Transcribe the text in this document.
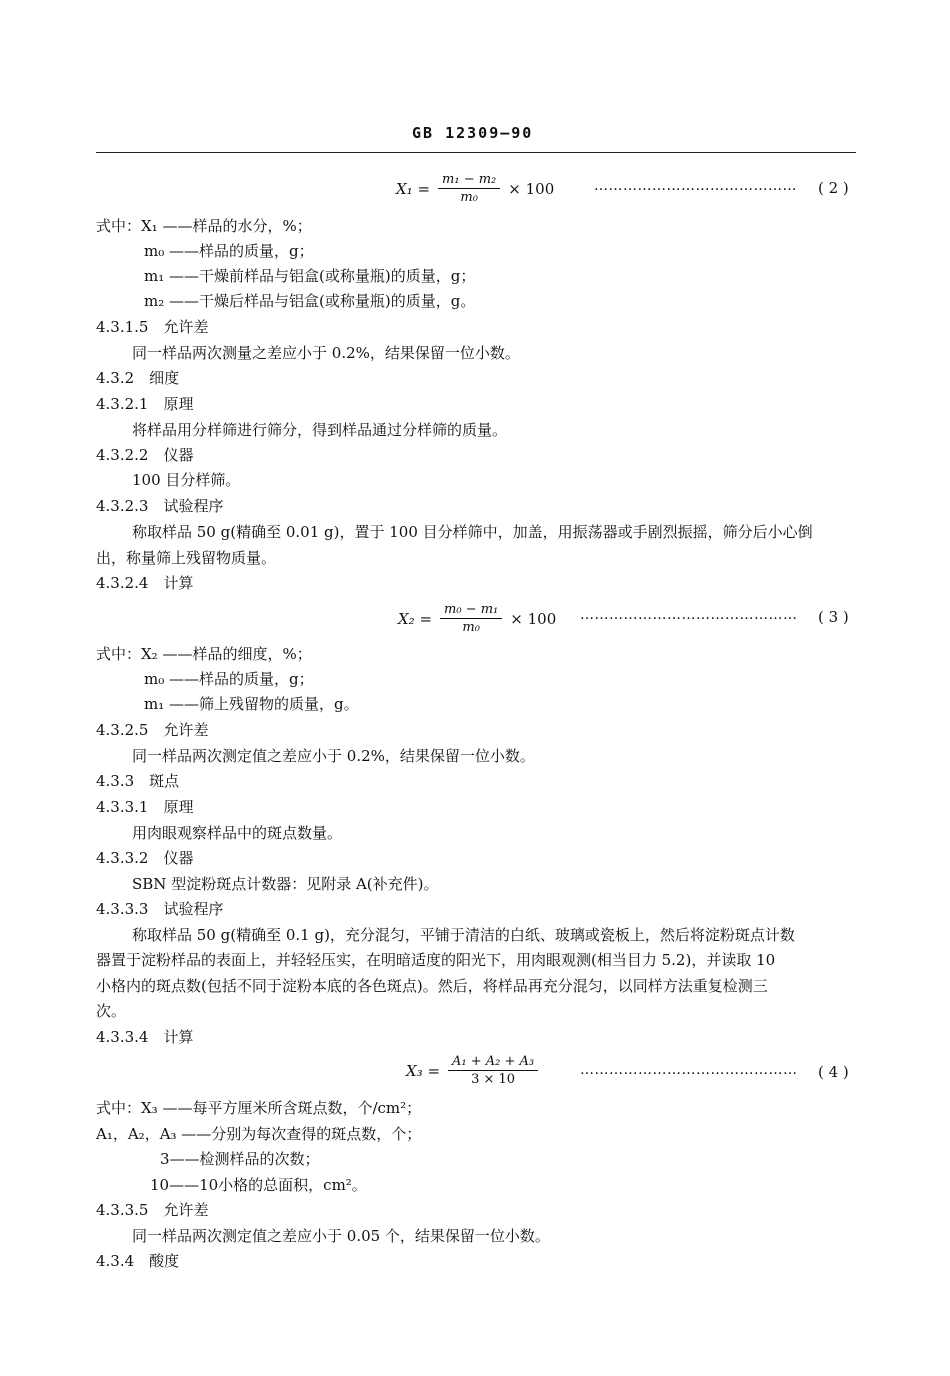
GB 12309—90
$X_1 = \frac{\text{m₁ − m₂}}{\text{m₀}} \times 100$	…………………………………… ( 2 )
式中：X₁ ——样品的水分，%；
m₀ ——样品的质量，g；
m₁ ——干燥前样品与铝盒(或称量瓶)的质量，g；
m₂ ——干燥后样品与铝盒(或称量瓶)的质量，g。
4.3.1.5　允许差
同一样品两次测量之差应小于 0.2%，结果保留一位小数。
4.3.2　细度
4.3.2.1　原理
将样品用分样筛进行筛分，得到样品通过分样筛的质量。
4.3.2.2　仪器
100 目分样筛。
4.3.2.3　试验程序
称取样品 50 g(精确至 0.01 g)，置于 100 目分样筛中，加盖，用振荡器或手剧烈振摇，筛分后小心倒
出，称量筛上残留物质量。
4.3.2.4　计算
$X_2 = \frac{\text{m₀ − m₁}}{\text{m₀}} \times 100$ ……………………………………… ( 3 )
式中：X₂ ——样品的细度，%；
m₀ ——样品的质量，g；
m₁ ——筛上残留物的质量，g。
4.3.2.5　允许差
同一样品两次测定值之差应小于 0.2%，结果保留一位小数。
4.3.3　斑点
4.3.3.1　原理
用肉眼观察样品中的斑点数量。
4.3.3.2　仪器
SBN 型淀粉斑点计数器：见附录 A(补充件)。
4.3.3.3　试验程序
称取样品 50 g(精确至 0.1 g)，充分混匀，平铺于清洁的白纸、玻璃或瓷板上，然后将淀粉斑点计数
器置于淀粉样品的表面上，并轻轻压实，在明暗适度的阳光下，用肉眼观测(相当目力 5.2)，并读取 10
小格内的斑点数(包括不同于淀粉本底的各色斑点)。然后，将样品再充分混匀，以同样方法重复检测三
次。
4.3.3.4　计算
$X_3 = \frac{\text{A₁ + A₂ + A₃}}{3 \times 10}$	……………………………………… ( 4 )
式中：X₃ ——每平方厘米所含斑点数，个/cm²；
A₁，A₂，A₃ ——分别为每次查得的斑点数，个；
3——检测样品的次数；
10——10小格的总面积，cm²。
4.3.3.5　允许差
同一样品两次测定值之差应小于 0.05 个，结果保留一位小数。
4.3.4　酸度
